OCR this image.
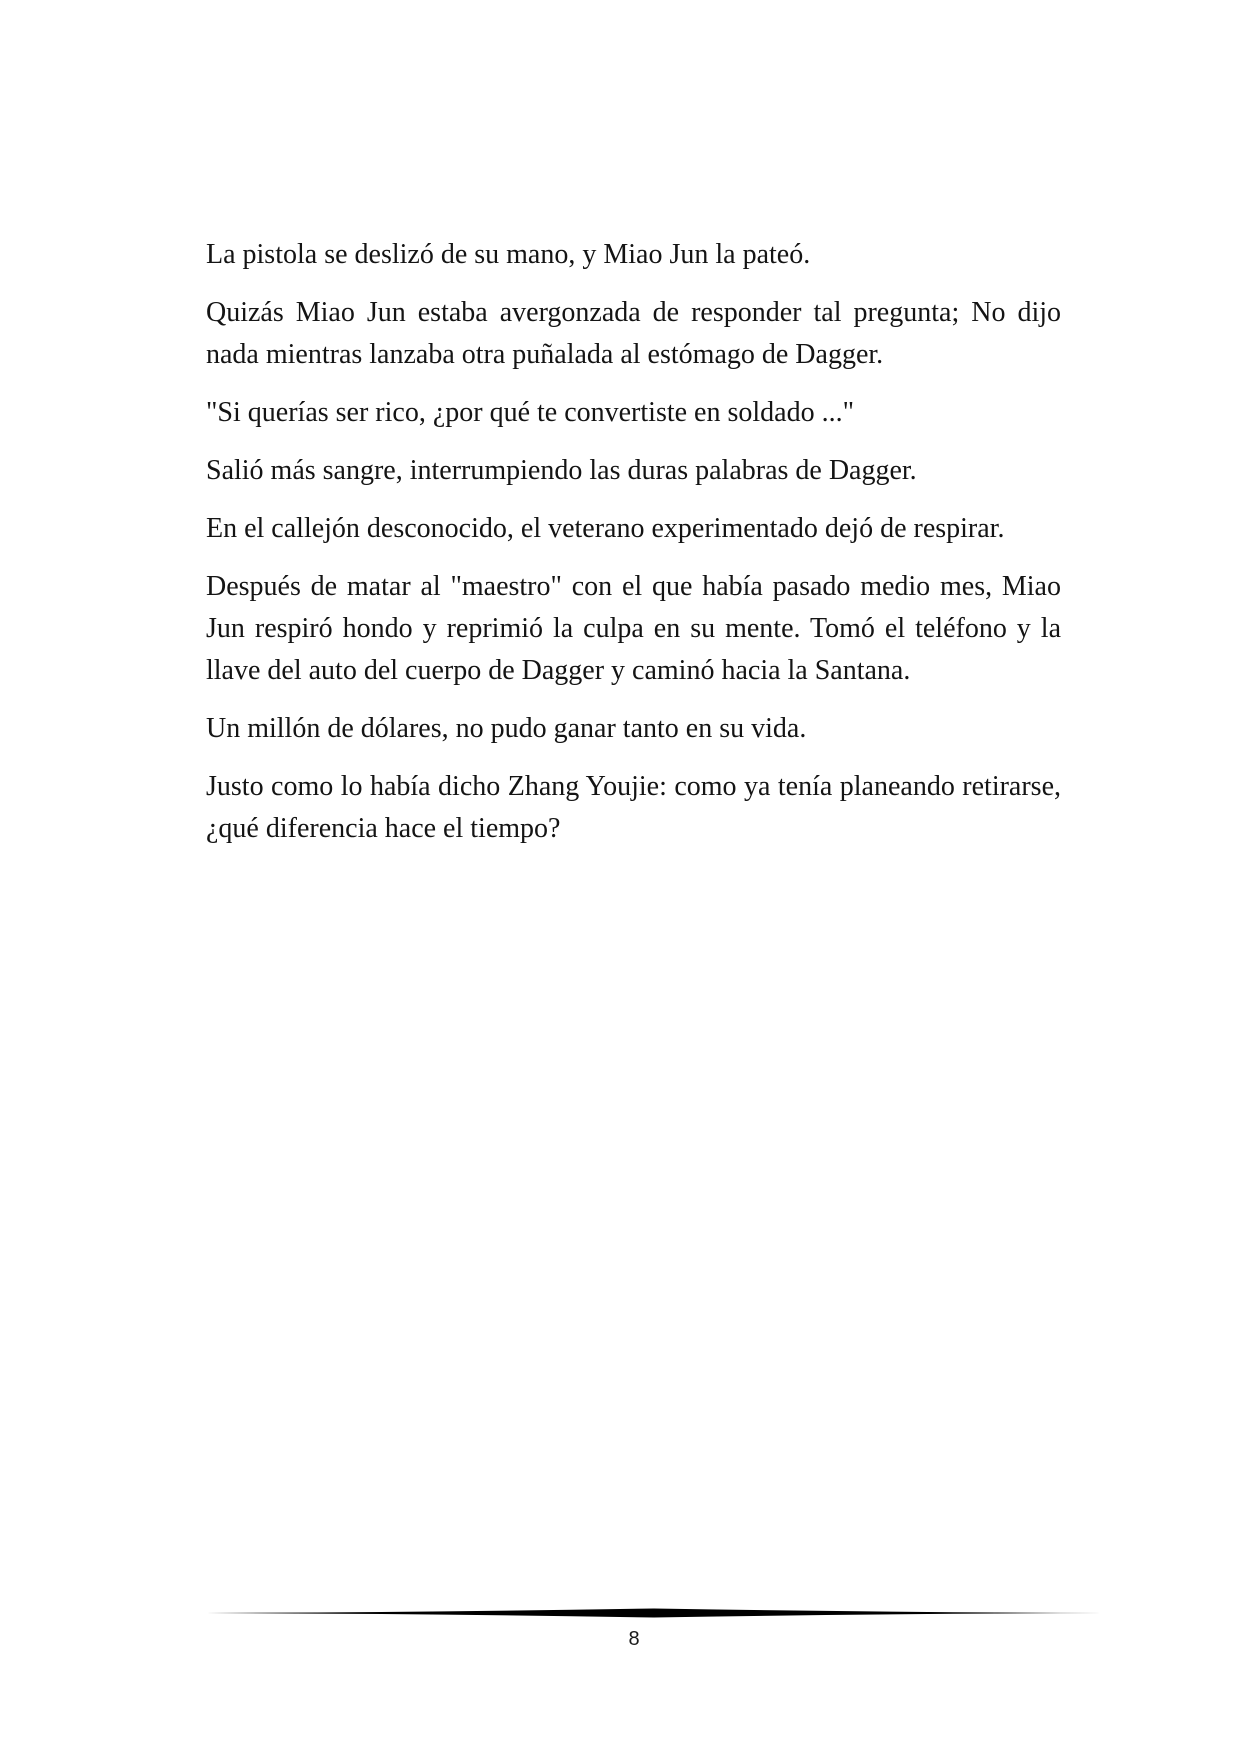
La pistola se deslizó de su mano, y Miao Jun la pateó.

Quizás Miao Jun estaba avergonzada de responder tal pregunta; No dijo nada mientras lanzaba otra puñalada al estómago de Dagger.

"Si querías ser rico, ¿por qué te convertiste en soldado ..."

Salió más sangre, interrumpiendo las duras palabras de Dagger.

En el callejón desconocido, el veterano experimentado dejó de respirar.

Después de matar al "maestro" con el que había pasado medio mes, Miao Jun respiró hondo y reprimió la culpa en su mente. Tomó el teléfono y la llave del auto del cuerpo de Dagger y caminó hacia la Santana.

Un millón de dólares, no pudo ganar tanto en su vida.

Justo como lo había dicho Zhang Youjie: como ya tenía planeando retirarse, ¿qué diferencia hace el tiempo?

8
